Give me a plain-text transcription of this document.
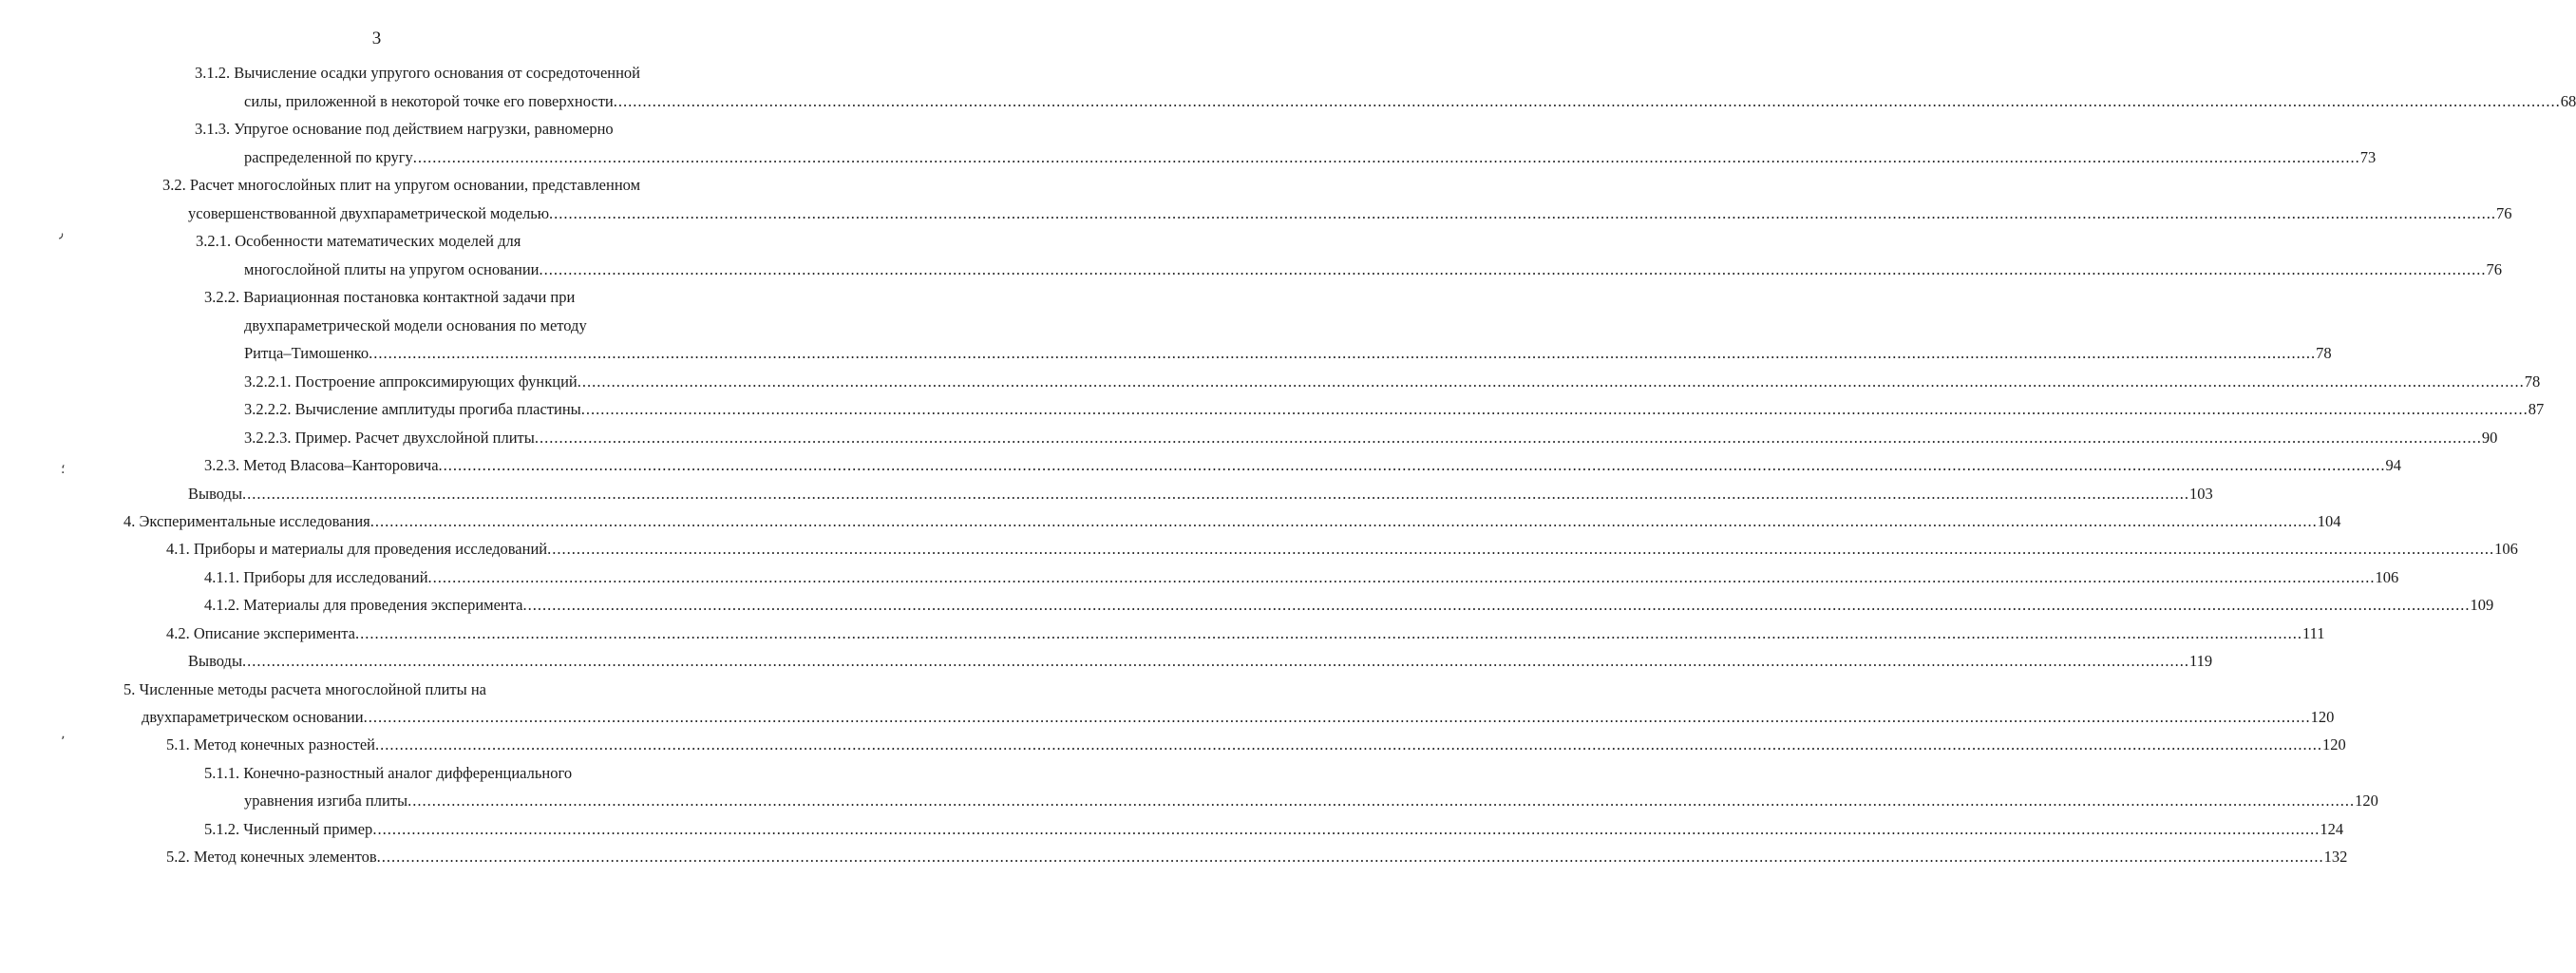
3
٫
؛
٬
3.1.2. Вычисление осадки упругого основания от сосредоточенной
силы, приложенной в некоторой точке его поверхности ................................................................................................................................................................................................................................................................................................................................................................................................................ 68
3.1.3. Упругое основание под действием нагрузки, равномерно
распределенной по кругу ................................................................................................................................................................................................................................................................................................................................................................................................................ 73
3.2. Расчет многослойных плит на упругом основании, представленном
усовершенствованной двухпараметрической моделью ................................................................................................................................................................................................................................................................................................................................................................................................................ 76
3.2.1. Особенности математических моделей для
многослойной плиты на упругом основании ................................................................................................................................................................................................................................................................................................................................................................................................................ 76
3.2.2. Вариационная постановка контактной задачи при
двухпараметрической модели основания по методу
Ритца–Тимошенко ................................................................................................................................................................................................................................................................................................................................................................................................................ 78
3.2.2.1. Построение аппроксимирующих функций ................................................................................................................................................................................................................................................................................................................................................................................................................ 78
3.2.2.2. Вычисление амплитуды прогиба пластины ................................................................................................................................................................................................................................................................................................................................................................................................................ 87
3.2.2.3. Пример. Расчет двухслойной плиты ................................................................................................................................................................................................................................................................................................................................................................................................................ 90
3.2.3. Метод Власова–Канторовича ................................................................................................................................................................................................................................................................................................................................................................................................................ 94
Выводы ................................................................................................................................................................................................................................................................................................................................................................................................................ 103
4. Экспериментальные исследования ................................................................................................................................................................................................................................................................................................................................................................................................................ 104
4.1. Приборы и материалы для проведения исследований ................................................................................................................................................................................................................................................................................................................................................................................................................ 106
4.1.1. Приборы для исследований ................................................................................................................................................................................................................................................................................................................................................................................................................ 106
4.1.2. Материалы для проведения эксперимента ................................................................................................................................................................................................................................................................................................................................................................................................................ 109
4.2. Описание эксперимента ................................................................................................................................................................................................................................................................................................................................................................................................................ 111
Выводы ................................................................................................................................................................................................................................................................................................................................................................................................................ 119
5. Численные методы расчета многослойной плиты на
двухпараметрическом основании ................................................................................................................................................................................................................................................................................................................................................................................................................ 120
5.1. Метод конечных разностей ................................................................................................................................................................................................................................................................................................................................................................................................................ 120
5.1.1. Конечно-разностный аналог дифференциального
уравнения изгиба плиты ................................................................................................................................................................................................................................................................................................................................................................................................................ 120
5.1.2. Численный пример ................................................................................................................................................................................................................................................................................................................................................................................................................ 124
5.2. Метод конечных элементов ................................................................................................................................................................................................................................................................................................................................................................................................................ 132
